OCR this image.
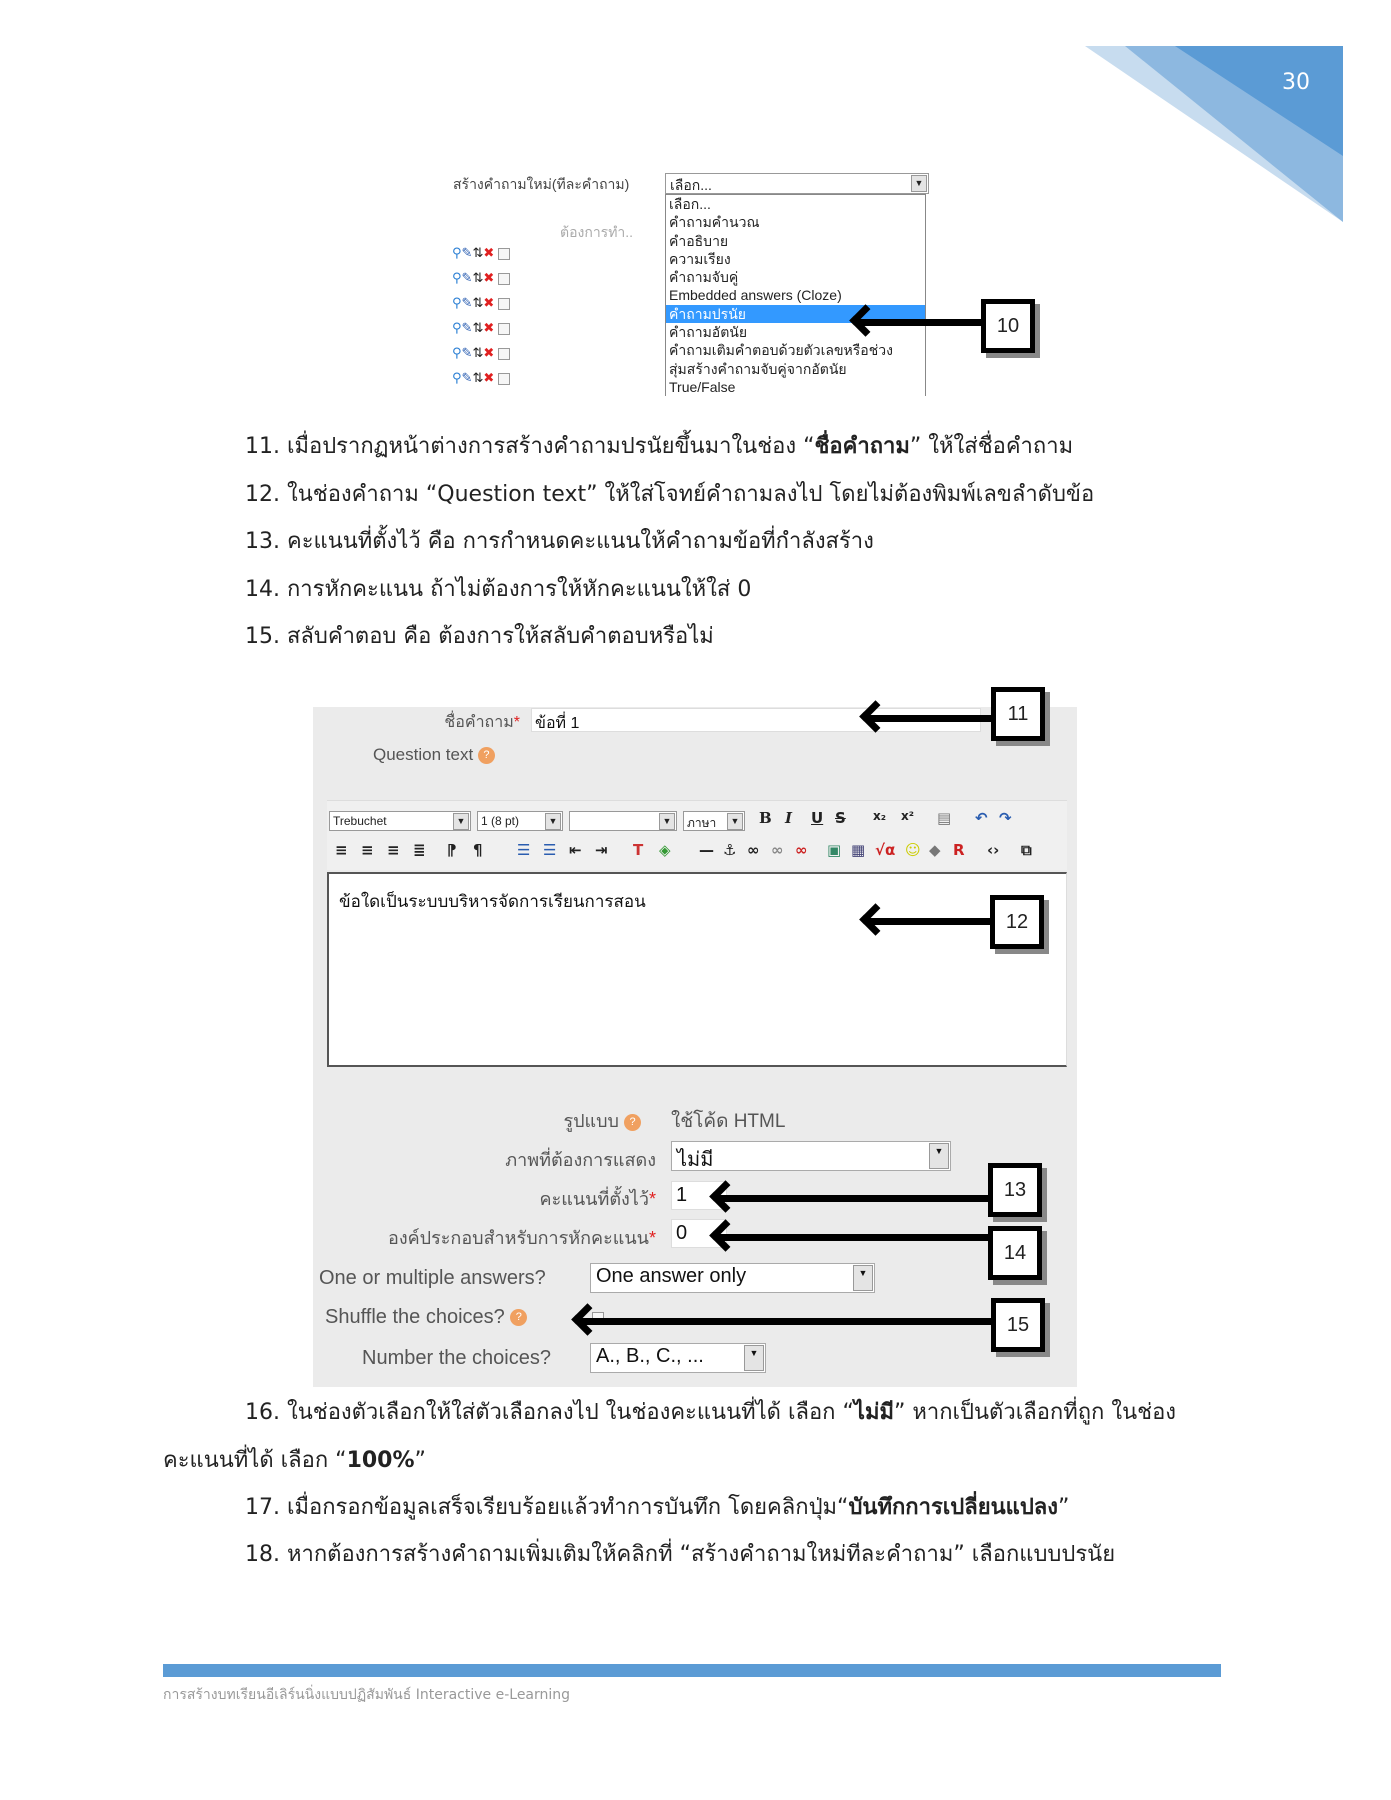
30
สร้างคำถามใหม่(ทีละคำถาม)	เลือก...	▼
ต้องการทำ..
เลือก...
คำถามคำนวณ
คำอธิบาย
ความเรียง
คำถามจับคู่
Embedded answers (Cloze)
คำถามปรนัย
คำถามอัตนัย
คำถามเติมคำตอบด้วยตัวเลขหรือช่วง
สุ่มสร้างคำถามจับคู่จากอัตนัย
True/False
⚲✎⇅✖
⚲✎⇅✖
⚲✎⇅✖
⚲✎⇅✖
⚲✎⇅✖
⚲✎⇅✖
10
11. เมื่อปรากฏหน้าต่างการสร้างคำถามปรนัยขึ้นมาในช่อง “ชื่อคำถาม” ให้ใส่ชื่อคำถาม
12. ในช่องคำถาม “Question text” ให้ใส่โจทย์คำถามลงไป โดยไม่ต้องพิมพ์เลขลำดับข้อ
13. คะแนนที่ตั้งไว้ คือ การกำหนดคะแนนให้คำถามข้อที่กำลังสร้าง
14. การหักคะแนน ถ้าไม่ต้องการให้หักคะแนนให้ใส่ 0
15. สลับคำตอบ คือ ต้องการให้สลับคำตอบหรือไม่
ชื่อคำถาม* ข้อที่ 1
Question text ?
Trebuchet	▼	1 (8 pt)	▼	▼	ภาษา	▼ B I U S x₂ x² ▤ ↶ ↷
≡ ≡ ≡ ≣ ⁋ ¶ ☰ ☰ ⇤ ⇥ T ◈ — ⚓ ∞ ∞ ∞ ▣ ▦ √α ☺ ◆ R ‹› ⧉
ข้อใดเป็นระบบบริหารจัดการเรียนการสอน
รูปแบบ ? ใช้โค้ด HTML
ภาพที่ต้องการแสดง	ไม่มี	▼
คะแนนที่ตั้งไว้* 1
องค์ประกอบสำหรับการหักคะแนน* 0
One or multiple answers?	One answer only	▼
Shuffle the choices? ?
Number the choices?	A., B., C., ...	▼
11
12
13
14
15
16. ในช่องตัวเลือกให้ใส่ตัวเลือกลงไป ในช่องคะแนนที่ได้ เลือก “ไม่มี” หากเป็นตัวเลือกที่ถูก ในช่อง
คะแนนที่ได้ เลือก “100%”
17. เมื่อกรอกข้อมูลเสร็จเรียบร้อยแล้วทำการบันทึก โดยคลิกปุ่ม“บันทึกการเปลี่ยนแปลง”
18. หากต้องการสร้างคำถามเพิ่มเติมให้คลิกที่ “สร้างคำถามใหม่ทีละคำถาม” เลือกแบบปรนัย
การสร้างบทเรียนอีเลิร์นนิ่งแบบปฏิสัมพันธ์ Interactive e-Learning
